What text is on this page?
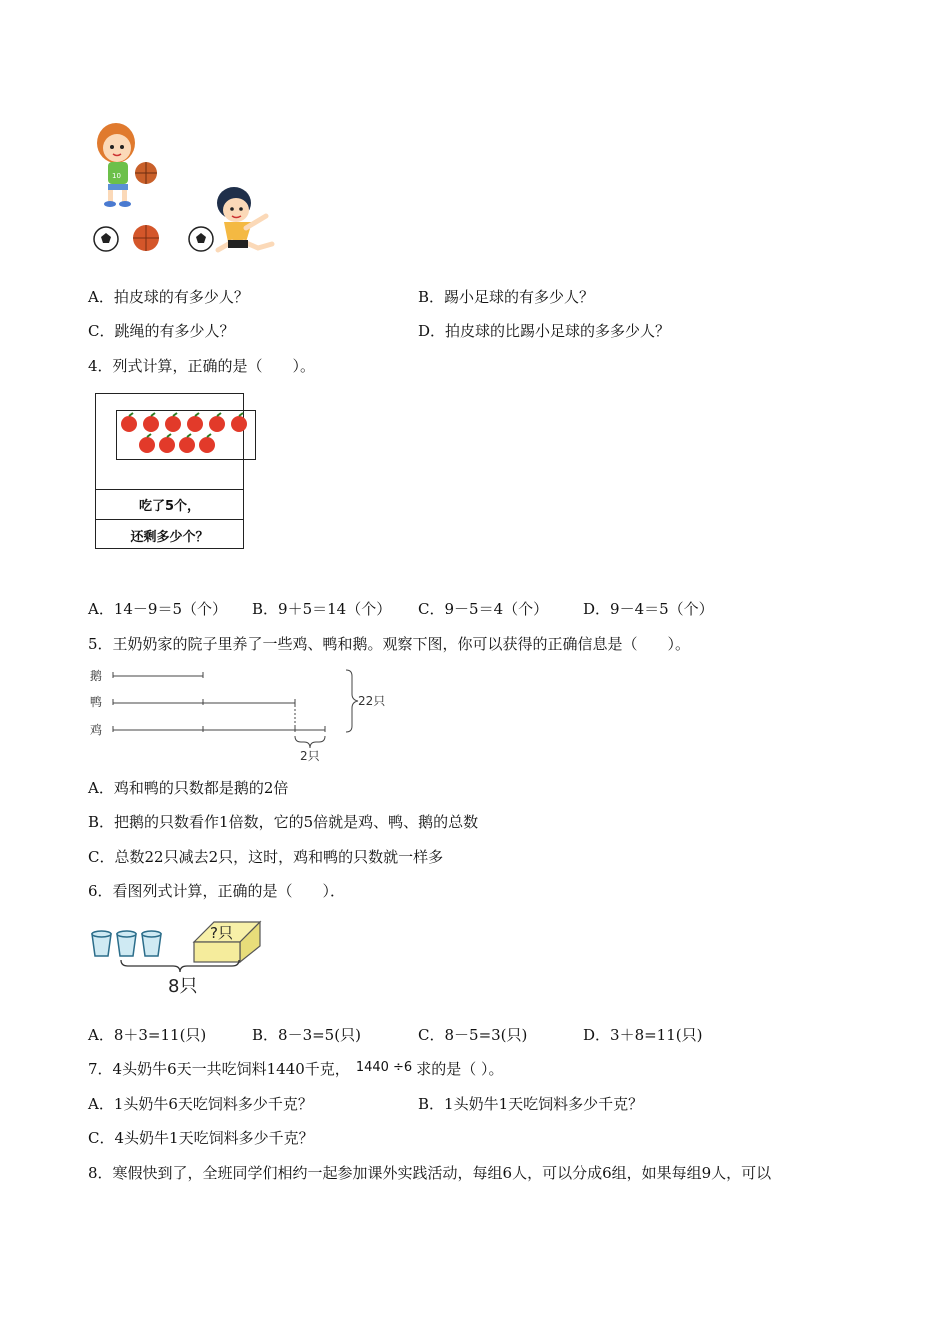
10
A．拍皮球的有多少人？	B．踢小足球的有多少人？
C．跳绳的有多少人？	D．拍皮球的比踢小足球的多多少人？
4．列式计算，正确的是（　　）。
吃了5个，
还剩多少个？
A．14－9＝5（个） B．9＋5＝14（个） C．9－5＝4（个） D．9－4＝5（个）
5．王奶奶家的院子里养了一些鸡、鸭和鹅。观察下图，你可以获得的正确信息是（　　）。
鹅
鸭
鸡
22只
2只
A．鸡和鸭的只数都是鹅的2倍
B．把鹅的只数看作1倍数，它的5倍就是鸡、鸭、鹅的总数
C．总数22只减去2只，这时，鸡和鸭的只数就一样多
6．看图列式计算，正确的是（　　）．
?只
8只
A．8＋3=11(只)	B．8－3=5(只)	C．8－5=3(只)	D．3＋8=11(只)
7．4头奶牛6天一共吃饲料1440千克， 1440 ÷6 求的是（ ）。
A．1头奶牛6天吃饲料多少千克？	B．1头奶牛1天吃饲料多少千克？
C．4头奶牛1天吃饲料多少千克？
8．寒假快到了，全班同学们相约一起参加课外实践活动，每组6人，可以分成6组，如果每组9人，可以
